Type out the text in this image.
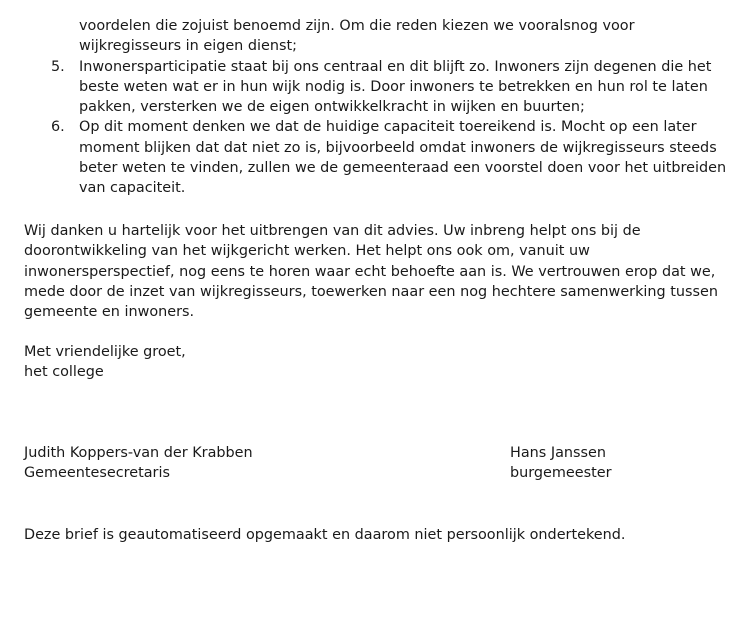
voordelen die zojuist benoemd zijn. Om die reden kiezen we vooralsnog voor
wijkregisseurs in eigen dienst;
5. Inwonersparticipatie staat bij ons centraal en dit blijft zo. Inwoners zijn degenen die het
beste weten wat er in hun wijk nodig is. Door inwoners te betrekken en hun rol te laten
pakken, versterken we de eigen ontwikkelkracht in wijken en buurten;
6. Op dit moment denken we dat de huidige capaciteit toereikend is. Mocht op een later
moment blijken dat dat niet zo is, bijvoorbeeld omdat inwoners de wijkregisseurs steeds
beter weten te vinden, zullen we de gemeenteraad een voorstel doen voor het uitbreiden
van capaciteit.
Wij danken u hartelijk voor het uitbrengen van dit advies. Uw inbreng helpt ons bij de
doorontwikkeling van het wijkgericht werken. Het helpt ons ook om, vanuit uw
inwonersperspectief, nog eens te horen waar echt behoefte aan is. We vertrouwen erop dat we,
mede door de inzet van wijkregisseurs, toewerken naar een nog hechtere samenwerking tussen
gemeente en inwoners.
Met vriendelijke groet,
het college
Judith Koppers-van der Krabben
Gemeentesecretaris
Hans Janssen
burgemeester
Deze brief is geautomatiseerd opgemaakt en daarom niet persoonlijk ondertekend.
